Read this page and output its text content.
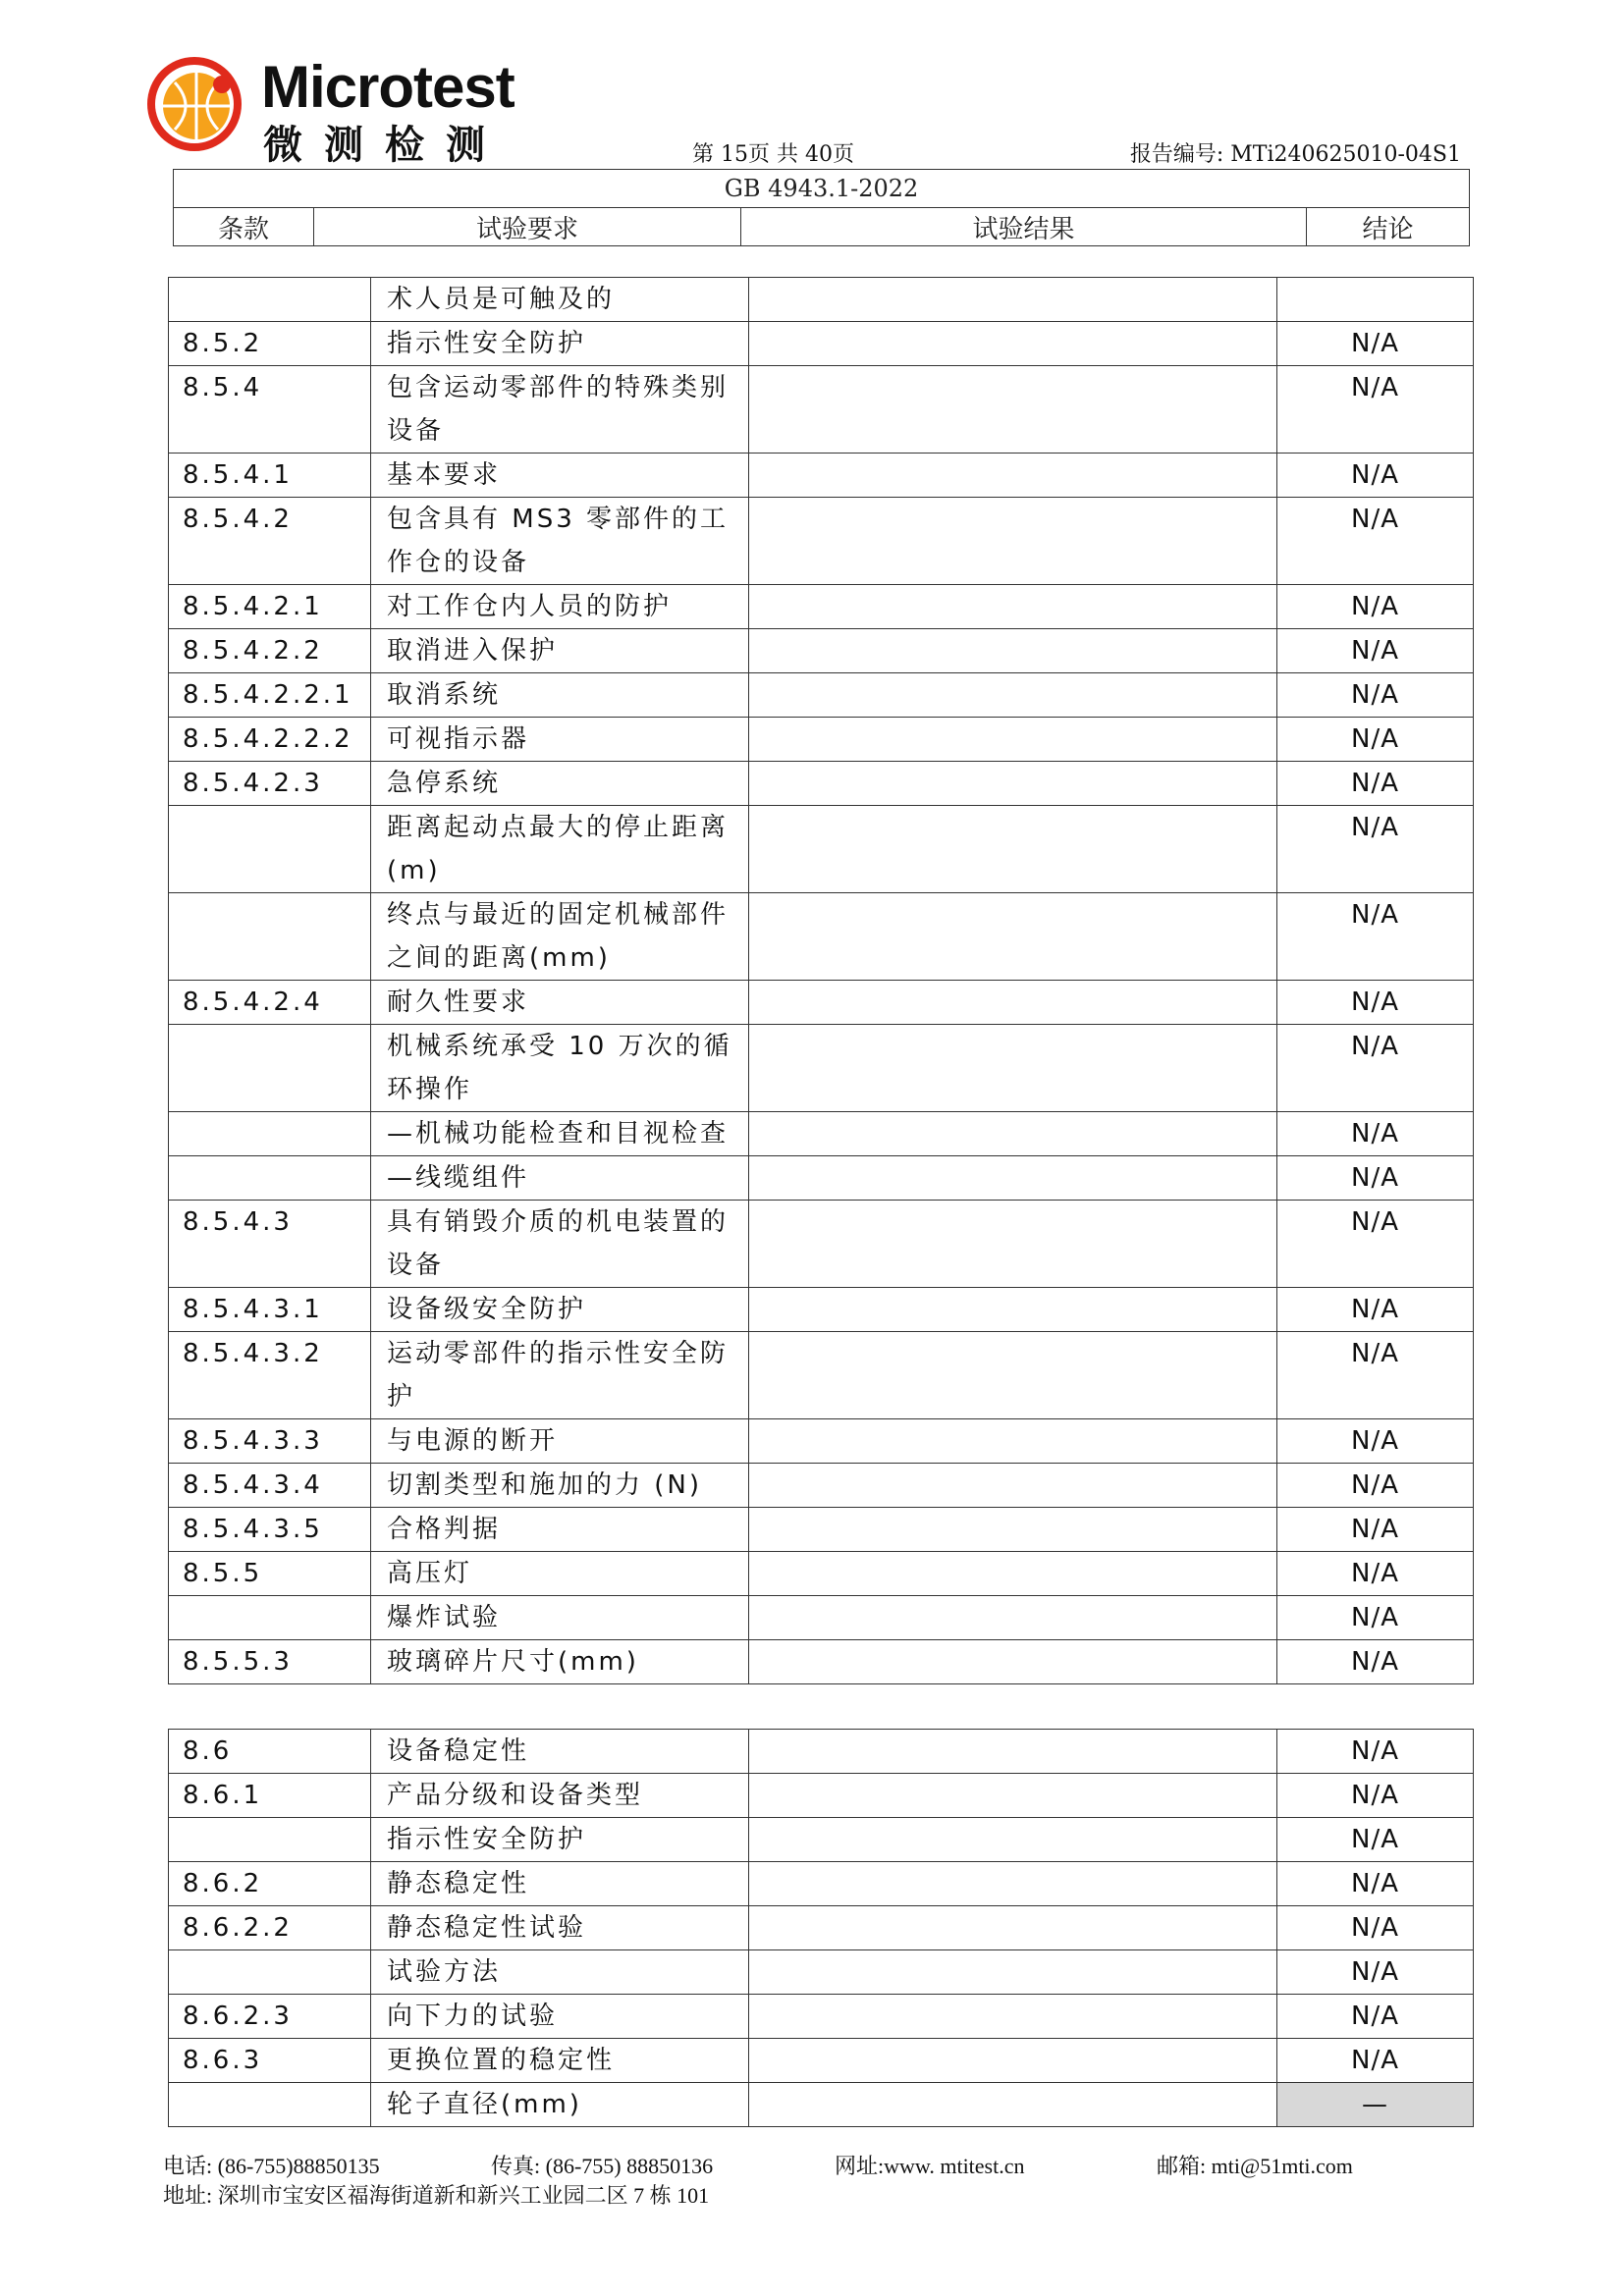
Microtest
微测检测	第 15页 共 40页	报告编号: MTi240625010-04S1
GB 4943.1-2022
条款	试验要求	试验结果	结论
	术人员是可触及的		
8.5.2	指示性安全防护		N/A
8.5.4	包含运动零部件的特殊类别设备		N/A
8.5.4.1	基本要求		N/A
8.5.4.2	包含具有 MS3 零部件的工作仓的设备		N/A
8.5.4.2.1	对工作仓内人员的防护		N/A
8.5.4.2.2	取消进入保护		N/A
8.5.4.2.2.1	取消系统		N/A
8.5.4.2.2.2	可视指示器		N/A
8.5.4.2.3	急停系统		N/A
	距离起动点最大的停止距离(m)		N/A
	终点与最近的固定机械部件之间的距离(mm)		N/A
8.5.4.2.4	耐久性要求		N/A
	机械系统承受 10 万次的循环操作		N/A
	—机械功能检查和目视检查		N/A
	—线缆组件		N/A
8.5.4.3	具有销毁介质的机电装置的设备		N/A
8.5.4.3.1	设备级安全防护		N/A
8.5.4.3.2	运动零部件的指示性安全防护		N/A
8.5.4.3.3	与电源的断开		N/A
8.5.4.3.4	切割类型和施加的力 (N)		N/A
8.5.4.3.5	合格判据		N/A
8.5.5	高压灯		N/A
	爆炸试验		N/A
8.5.5.3	玻璃碎片尺寸(mm)		N/A
8.6	设备稳定性		N/A
8.6.1	产品分级和设备类型		N/A
	指示性安全防护		N/A
8.6.2	静态稳定性		N/A
8.6.2.2	静态稳定性试验		N/A
	试验方法		N/A
8.6.2.3	向下力的试验		N/A
8.6.3	更换位置的稳定性		N/A
	轮子直径(mm)		—
电话: (86-755)88850135	传真: (86-755) 88850136	网址:www. mtitest.cn	邮箱: mti@51mti.com
地址: 深圳市宝安区福海街道新和新兴工业园二区 7 栋 101
